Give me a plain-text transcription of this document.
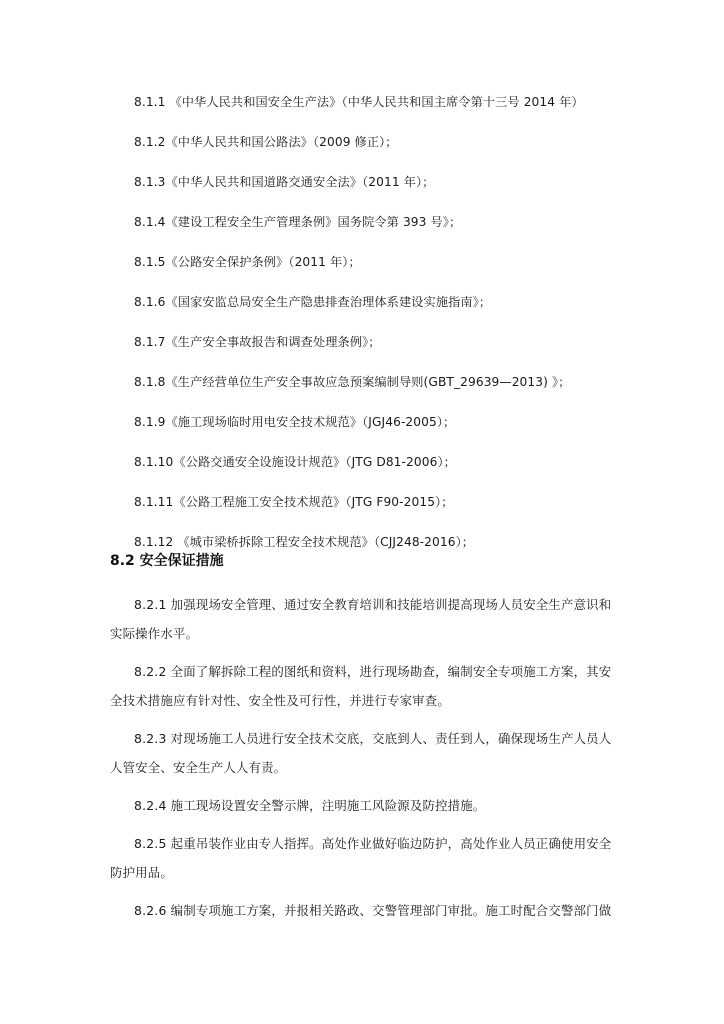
8.1.1 《中华人民共和国安全生产法》（中华人民共和国主席令第十三号 2014 年）
8.1.2《中华人民共和国公路法》（2009 修正）；
8.1.3《中华人民共和国道路交通安全法》（2011 年）；
8.1.4《建设工程安全生产管理条例》国务院令第 393 号》；
8.1.5《公路安全保护条例》（2011 年）；
8.1.6《国家安监总局安全生产隐患排查治理体系建设实施指南》；
8.1.7《生产安全事故报告和调查处理条例》；
8.1.8《生产经营单位生产安全事故应急预案编制导则(GBT_29639—2013) 》；
8.1.9《施工现场临时用电安全技术规范》（JGJ46-2005）；
8.1.10《公路交通安全设施设计规范》（JTG D81-2006）；
8.1.11《公路工程施工安全技术规范》（JTG F90-2015）；
8.1.12 《城市梁桥拆除工程安全技术规范》（CJJ248-2016）；
8.2 安全保证措施
8.2.1 加强现场安全管理、通过安全教育培训和技能培训提高现场人员安全生产意识和实际操作水平。
8.2.2 全面了解拆除工程的图纸和资料，进行现场勘查，编制安全专项施工方案，其安全技术措施应有针对性、安全性及可行性，并进行专家审查。
8.2.3 对现场施工人员进行安全技术交底，交底到人、责任到人，确保现场生产人员人人管安全、安全生产人人有责。
8.2.4 施工现场设置安全警示牌，注明施工风险源及防控措施。
8.2.5 起重吊装作业由专人指挥。高处作业做好临边防护，高处作业人员正确使用安全防护用品。
8.2.6 编制专项施工方案，并报相关路政、交警管理部门审批。施工时配合交警部门做
